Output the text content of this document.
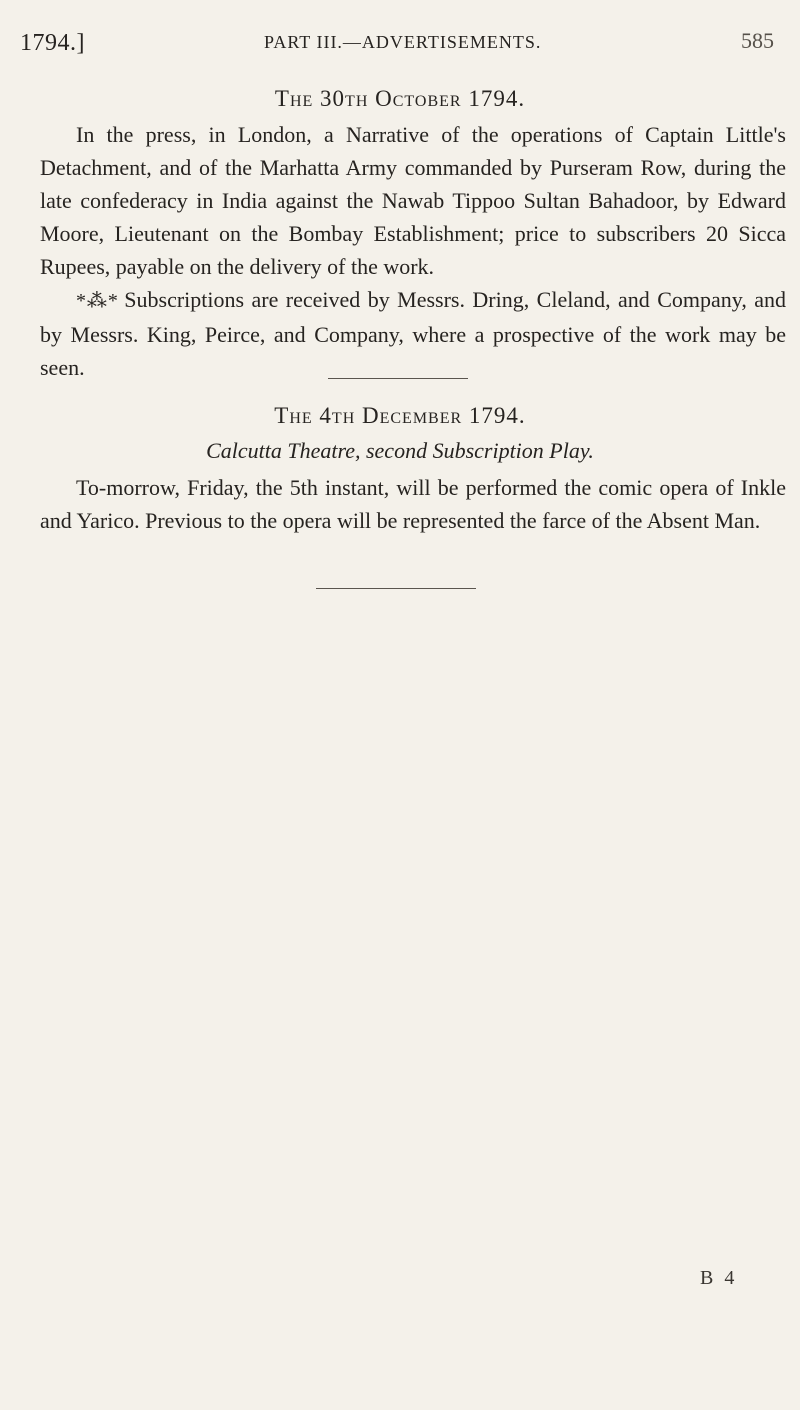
1794.]	PART III.—ADVERTISEMENTS.	585
The 30th October 1794.

In the press, in London, a Narrative of the operations of Captain Little's Detachment, and of the Marhatta Army commanded by Purseram Row, during the late confederacy in India against the Nawab Tippoo Sultan Bahadoor, by Edward Moore, Lieutenant on the Bombay Establishment; price to subscribers 20 Sicca Rupees, payable on the delivery of the work.

*⁂* Subscriptions are received by Messrs. Dring, Cleland, and Company, and by Messrs. King, Peirce, and Company, where a prospective of the work may be seen.

The 4th December 1794.
Calcutta Theatre, second Subscription Play.

To-morrow, Friday, the 5th instant, will be performed the comic opera of Inkle and Yarico. Previous to the opera will be represented the farce of the Absent Man.

B 4
